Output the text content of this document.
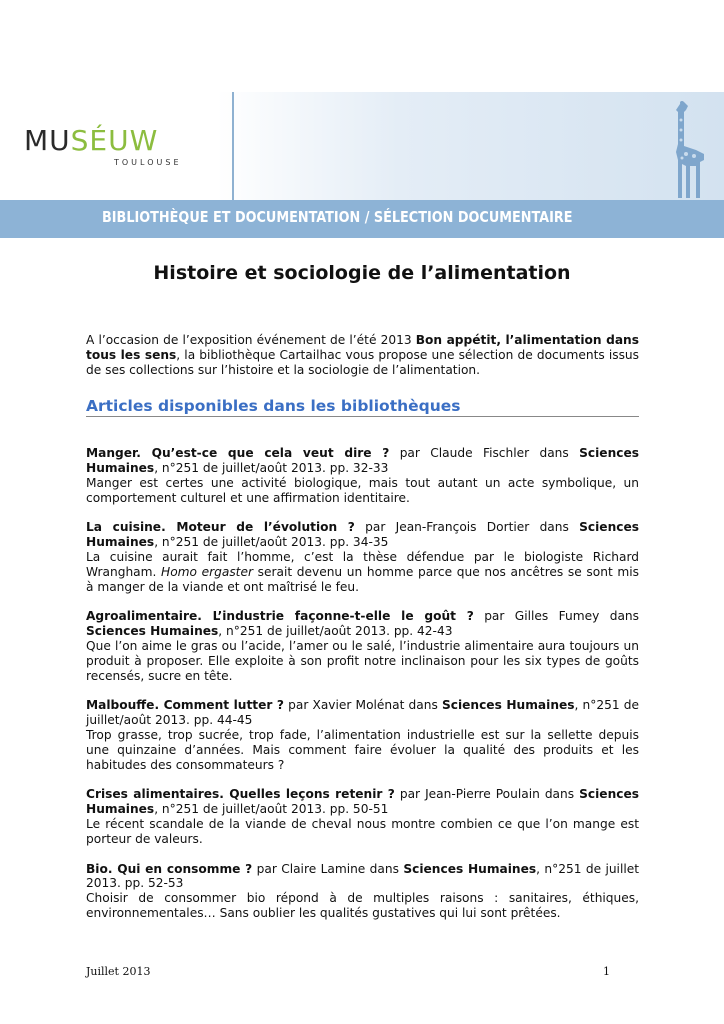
MUSÉUW
TOULOUSE
BIBLIOTHÈQUE ET DOCUMENTATION / SÉLECTION DOCUMENTAIRE
Histoire et sociologie de l’alimentation

A l’occasion de l’exposition événement de l’été 2013 Bon appétit, l’alimentation dans tous les sens, la bibliothèque Cartailhac vous propose une sélection de documents issus de ses collections sur l’histoire et la sociologie de l’alimentation.

Articles disponibles dans les bibliothèques

Manger. Qu’est-ce que cela veut dire ? par Claude Fischler dans Sciences Humaines, n°251 de juillet/août 2013. pp. 32-33
Manger est certes une activité biologique, mais tout autant un acte symbolique, un comportement culturel et une affirmation identitaire.

La cuisine. Moteur de l’évolution ? par Jean-François Dortier dans Sciences Humaines, n°251 de juillet/août 2013. pp. 34-35
La cuisine aurait fait l’homme, c’est la thèse défendue par le biologiste Richard Wrangham. Homo ergaster serait devenu un homme parce que nos ancêtres se sont mis à manger de la viande et ont maîtrisé le feu.

Agroalimentaire. L’industrie façonne-t-elle le goût ? par Gilles Fumey dans Sciences Humaines, n°251 de juillet/août 2013. pp. 42-43
Que l’on aime le gras ou l’acide, l’amer ou le salé, l’industrie alimentaire aura toujours un produit à proposer. Elle exploite à son profit notre inclinaison pour les six types de goûts recensés, sucre en tête.

Malbouffe. Comment lutter ? par Xavier Molénat dans Sciences Humaines, n°251 de juillet/août 2013. pp. 44-45
Trop grasse, trop sucrée, trop fade, l’alimentation industrielle est sur la sellette depuis une quinzaine d’années. Mais comment faire évoluer la qualité des produits et les habitudes des consommateurs ?

Crises alimentaires. Quelles leçons retenir ? par Jean-Pierre Poulain dans Sciences Humaines, n°251 de juillet/août 2013. pp. 50-51
Le récent scandale de la viande de cheval nous montre combien ce que l’on mange est porteur de valeurs.

Bio. Qui en consomme ? par Claire Lamine dans Sciences Humaines, n°251 de juillet 2013. pp. 52-53
Choisir de consommer bio répond à de multiples raisons : sanitaires, éthiques, environnementales… Sans oublier les qualités gustatives qui lui sont prêtées.

Juillet 2013	1
